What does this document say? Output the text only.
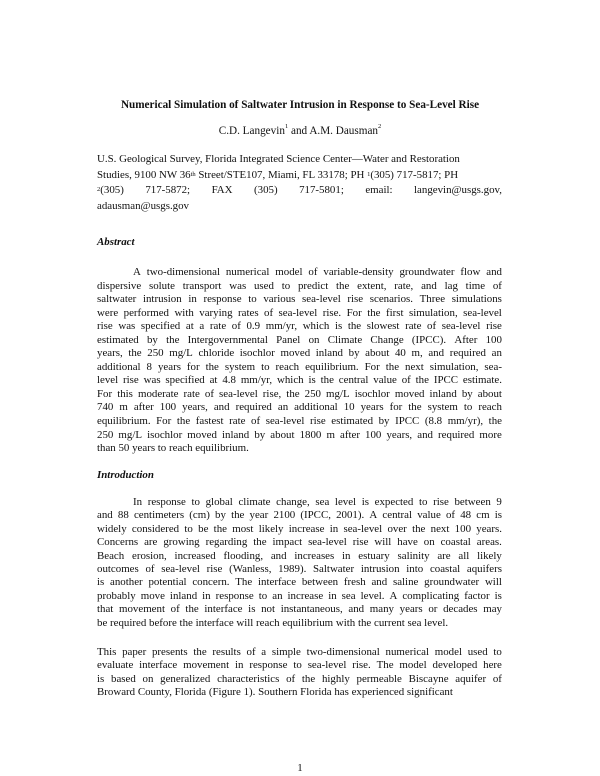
Numerical Simulation of Saltwater Intrusion in Response to Sea-Level Rise
C.D. Langevin$^1$ and A.M. Dausman$^2$
U.S. Geological Survey, Florida Integrated Science Center—Water and Restoration
Studies, 9100 NW 36th Street/STE107, Miami, FL 33178; PH $^1$(305) 717-5817; PH
$^2$(305) 717-5872; FAX (305) 717-5801; email: langevin@usgs.gov,
adausman@usgs.gov
Abstract
A two-dimensional numerical model of variable-density groundwater flow and
dispersive solute transport was used to predict the extent, rate, and lag time of
saltwater intrusion in response to various sea-level rise scenarios. Three simulations
were performed with varying rates of sea-level rise. For the first simulation, sea-level
rise was specified at a rate of 0.9 mm/yr, which is the slowest rate of sea-level rise
estimated by the Intergovernmental Panel on Climate Change (IPCC). After 100
years, the 250 mg/L chloride isochlor moved inland by about 40 m, and required an
additional 8 years for the system to reach equilibrium. For the next simulation, sea-
level rise was specified at 4.8 mm/yr, which is the central value of the IPCC estimate.
For this moderate rate of sea-level rise, the 250 mg/L isochlor moved inland by about
740 m after 100 years, and required an additional 10 years for the system to reach
equilibrium. For the fastest rate of sea-level rise estimated by IPCC (8.8 mm/yr), the
250 mg/L isochlor moved inland by about 1800 m after 100 years, and required more
than 50 years to reach equilibrium.
Introduction
In response to global climate change, sea level is expected to rise between 9
and 88 centimeters (cm) by the year 2100 (IPCC, 2001). A central value of 48 cm is
widely considered to be the most likely increase in sea-level over the next 100 years.
Concerns are growing regarding the impact sea-level rise will have on coastal areas.
Beach erosion, increased flooding, and increases in estuary salinity are all likely
outcomes of sea-level rise (Wanless, 1989). Saltwater intrusion into coastal aquifers
is another potential concern. The interface between fresh and saline groundwater will
probably move inland in response to an increase in sea level. A complicating factor is
that movement of the interface is not instantaneous, and many years or decades may
be required before the interface will reach equilibrium with the current sea level.
This paper presents the results of a simple two-dimensional numerical model used to
evaluate interface movement in response to sea-level rise. The model developed here
is based on generalized characteristics of the highly permeable Biscayne aquifer of
Broward County, Florida (Figure 1). Southern Florida has experienced significant
1
